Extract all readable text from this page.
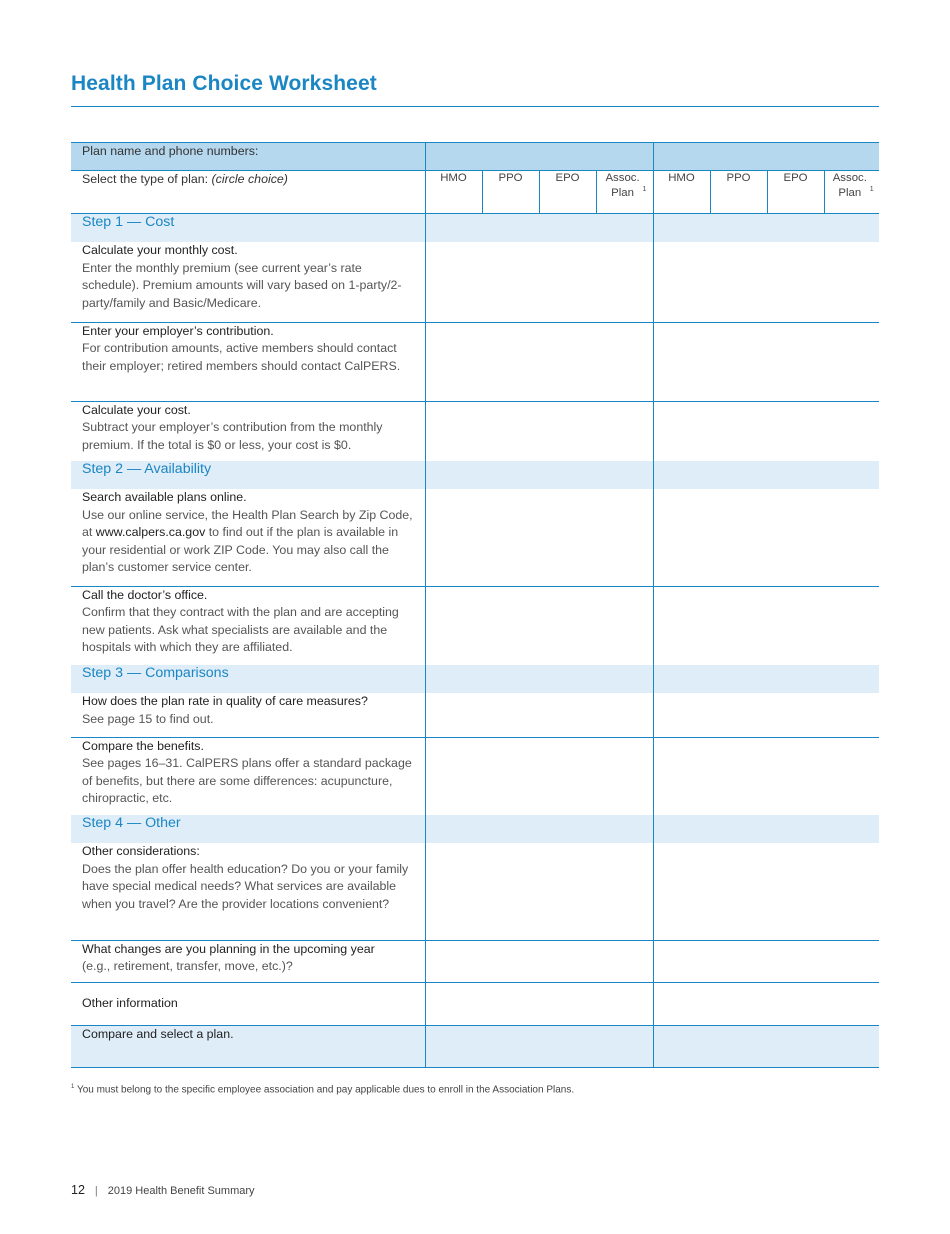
Health Plan Choice Worksheet
Plan name and phone numbers:								
Select the type of plan: (circle choice)	HMO	PPO	EPO	Assoc. Plan $^1$	HMO	PPO	EPO	Assoc. Plan $^1$
Step 1 — Cost								

Calculate your monthly cost.
Enter the monthly premium (see current year’s rate schedule). Premium amounts will vary based on 1-party/2-party/family and Basic/Medicare.								

Enter your employer’s contribution.
For contribution amounts, active members should contact their employer; retired members should contact CalPERS.								

Calculate your cost.
Subtract your employer’s contribution from the monthly premium. If the total is $0 or less, your cost is $0.								

Step 2 — Availability								

Search available plans online.
Use our online service, the Health Plan Search by Zip Code, at www.calpers.ca.gov to find out if the plan is available in your residential or work ZIP Code. You may also call the plan’s customer service center.								

Call the doctor’s office.
Confirm that they contract with the plan and are accepting new patients. Ask what specialists are available and the hospitals with which they are affiliated.								

Step 3 — Comparisons								

How does the plan rate in quality of care measures?
See page 15 to find out.								

Compare the benefits.
See pages 16–31. CalPERS plans offer a standard package of benefits, but there are some differences: acupuncture, chiropractic, etc.								

Step 4 — Other								

Other considerations:
Does the plan offer health education? Do you or your family have special medical needs? What services are available when you travel? Are the provider locations convenient?								

What changes are you planning in the upcoming year
(e.g., retirement, transfer, move, etc.)?								

Other information								

Compare and select a plan.								
$^1$ You must belong to the specific employee association and pay applicable dues to enroll in the Association Plans.
12 | 2019 Health Benefit Summary
